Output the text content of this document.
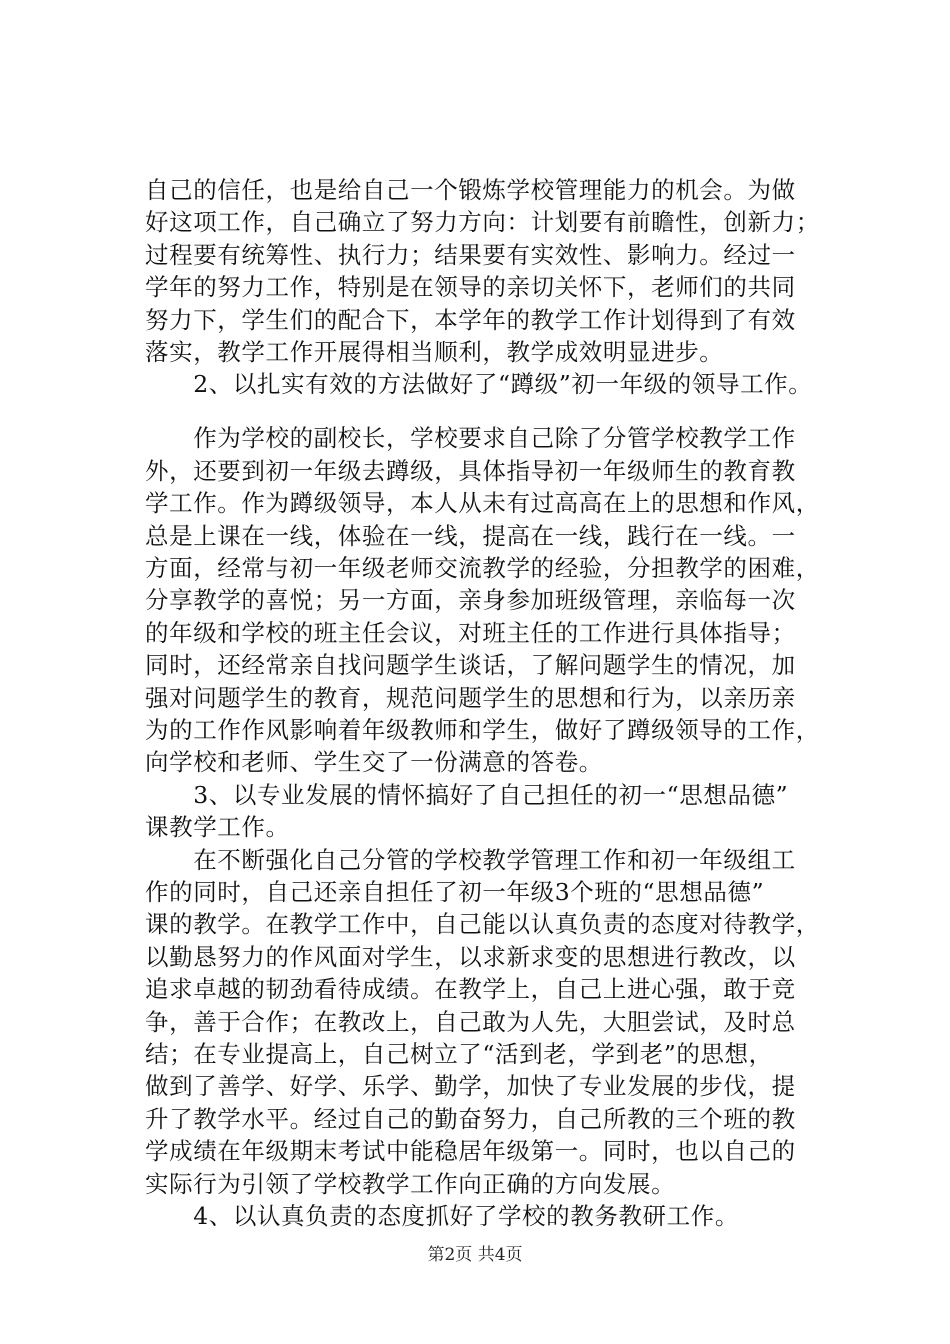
自己的信任，也是给自己一个锻炼学校管理能力的机会。为做
好这项工作，自己确立了努力方向：计划要有前瞻性，创新力；
过程要有统筹性、执行力；结果要有实效性、影响力。经过一
学年的努力工作，特别是在领导的亲切关怀下，老师们的共同
努力下，学生们的配合下，本学年的教学工作计划得到了有效
落实，教学工作开展得相当顺利，教学成效明显进步。
　　2、以扎实有效的方法做好了“蹲级”初一年级的领导工作。
　　作为学校的副校长，学校要求自己除了分管学校教学工作
外，还要到初一年级去蹲级，具体指导初一年级师生的教育教
学工作。作为蹲级领导，本人从未有过高高在上的思想和作风，
总是上课在一线，体验在一线，提高在一线，践行在一线。一
方面，经常与初一年级老师交流教学的经验，分担教学的困难，
分享教学的喜悦；另一方面，亲身参加班级管理，亲临每一次
的年级和学校的班主任会议，对班主任的工作进行具体指导；
同时，还经常亲自找问题学生谈话，了解问题学生的情况，加
强对问题学生的教育，规范问题学生的思想和行为，以亲历亲
为的工作作风影响着年级教师和学生，做好了蹲级领导的工作，
向学校和老师、学生交了一份满意的答卷。
　　3、以专业发展的情怀搞好了自己担任的初一“思想品德”
课教学工作。
　　在不断强化自己分管的学校教学管理工作和初一年级组工
作的同时，自己还亲自担任了初一年级3个班的“思想品德”
课的教学。在教学工作中，自己能以认真负责的态度对待教学，
以勤恳努力的作风面对学生，以求新求变的思想进行教改，以
追求卓越的韧劲看待成绩。在教学上，自己上进心强，敢于竞
争，善于合作；在教改上，自己敢为人先，大胆尝试，及时总
结；在专业提高上，自己树立了“活到老，学到老”的思想，
做到了善学、好学、乐学、勤学，加快了专业发展的步伐，提
升了教学水平。经过自己的勤奋努力，自己所教的三个班的教
学成绩在年级期末考试中能稳居年级第一。同时，也以自己的
实际行为引领了学校教学工作向正确的方向发展。
　　4、以认真负责的态度抓好了学校的教务教研工作。
第2页 共4页
